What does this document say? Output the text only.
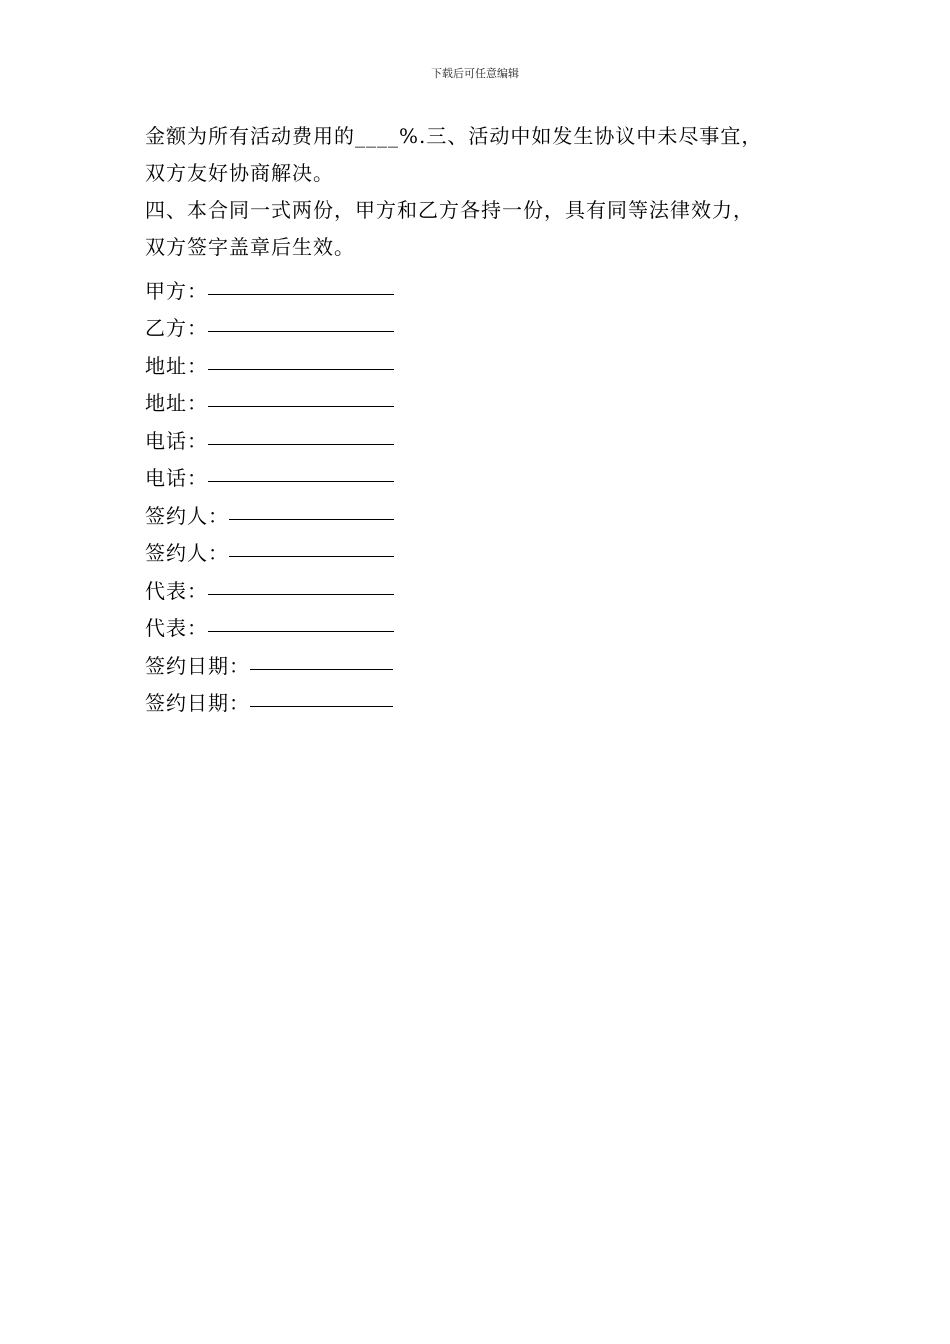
下载后可任意编辑

金额为所有活动费用的____%.三、活动中如发生协议中未尽事宜，

双方友好协商解决。

四、本合同一式两份，甲方和乙方各持一份，具有同等法律效力，

双方签字盖章后生效。

甲方：
乙方：
地址：
地址：
电话：
电话：
签约人：
签约人：
代表：
代表：
签约日期：
签约日期：
